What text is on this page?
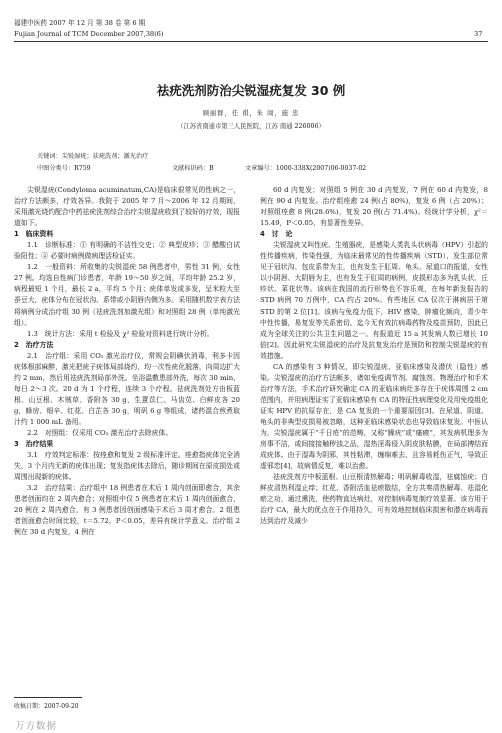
福建中医药 2007 年 12 月 第 38 卷 第 6 期
Fujian Journal of TCM December 2007,38(6)	37
祛疣洗剂防治尖锐湿疣复发 30 例
顾丽群，任 祺，朱 闯，施 忠
（江苏省南通市第三人民医院，江苏 南通 226006）
关键词：尖锐湿疣；祛疣洗剂；激光治疗
中图分类号：R759	文献标识码：B	文章编号：1000-338X(2007)06-0037-02

尖锐湿疣(Condyloma acuminatum,CA)是临床很常见的性病之一，治疗方法颇多，疗效各异。我院于 2005 年 7 月～2006 年 12 月期间，采用激光烧灼配合中药祛疣洗剂综合治疗尖锐湿疣收到了较好的疗效，现报道如下。

1　临床资料

1.1　诊断标准：① 有明确的不洁性交史；② 典型皮疹；③ 醋酸白试验阳性；④ 必要时病例做病理活检证实。

1.2　一般资料：所收集的尖锐湿疣 58 例患者中，男性 31 例，女性 27 例。均选自性病门诊患者，年龄 19～50 岁之间，平均年龄 25.2 岁，病程最短 1 个月，最长 2 a，平均 5 个月；疣体单发或多发，呈米粒大至蚕豆大，疣体分布在冠状沟、系带或小阴唇内侧为多。采用随机数字表方法将病例分成治疗组 30 例（祛疣洗剂加激光组）和对照组 28 例（单纯激光组）。

1.3　统计方法：采用 t 检验及 χ² 检验对资料进行统计分析。

2　治疗方法

2.1　治疗组：采用 CO₂ 激光治疗仪，常规会阴碘伏消毒，利多卡因疣体根部麻醉，激光把疣子疣体局部烧灼，均一次性疣化脱落，向周边扩大约 2 mm，然后用祛疣洗剂局部外洗。坐浴温敷患部外洗，每次 30 min，每日 2～3 次。20 d 为 1 个疗程，连续 3 个疗程。祛疣洗剂处方由板蓝根、山豆根、木贼草、香附各 30 g，生薏苡仁、马齿苋、白鲜皮各 20 g，蜂房、细辛、红花、白芷各 30 g，明矾 6 g 等组成，诸药混合煎煮取汁约 1 000 mL 备用。

2.2　对照组：仅采用 CO₂ 激光治疗去除疣体。

3　治疗结果

3.1　疗效判定标准：按痊愈和复发 2 级标准评定。痊愈指疣体完全消失，3 个月内无新的疣体出现；复发指疣体去除后，随诊期间在原皮损处或周围出现新的疣体。

3.2　治疗结果：治疗组中 18 例患者在术后 1 周内创面即愈合，其余患者创面均在 2 周内愈合；对照组中仅 5 例患者在术后 1 周内创面愈合，20 例在 2 周内愈合，有 3 例患者因创面感染于术后 3 周才愈合。2 组患者创面愈合时间比较，t＝5.72，P＜0.05，差异有统计学意义。治疗组 2 例在 30 d 内复发，4 例在

收稿日期：2007-09-20

60 d 内复发；对照组 5 例在 30 d 内复发，7 例在 60 d 内复发，8 例在 90 d 内复发。治疗组痊愈 24 例(占 80%)，复发 6 例（占 20%）；对照组痊愈 8 例(28.6%)，复发 20 例(占 71.4%)。经统计学分析，χ²＝15.49，P＜0.05，有显著性差异。

4　讨　论

尖锐湿疣又叫性疣、生殖器疣，是感染人类乳头状病毒（HPV）引起的性传播疾病，传染性强，为临床最常见的性传播疾病（STD），发生部位常见于冠状沟、包皮系带为主，也有发生于肛周、龟头、尿道口的报道，女性以小阴唇、大阴唇为主，也有发生于肛周的病例，皮损形态多为乳头状、丘疹状、菜花状等。该病在我国的流行形势也不容乐观，在每年新发报告的 STD 病例 70 万例中，CA 约占 20%。有些地区 CA 仅次于淋病居于第 STD 的第 2 位[1]。该病与免疫力低下，HIV 感染，肿瘤化频向，青少年中性传播，易复发等关系密切，迄今无有效抗病毒药物及疫苗预防，因此已成为全球关注的公共卫生问题之一。有报道近 15 a 其发病人数已增长 10 倍[2]。因此研究尖锐湿疣的治疗及抗复发治疗是预防和控制尖锐湿疣的有效措施。

CA 的感染有 3 种情况，即尖锐湿疣、亚临床感染及潜伏（隐性）感染。尖锐湿疣的治疗方法颇多，诸如免疫调节剂、腐蚀剂、物理治疗和手术治疗等方法，手术治疗研究确定 CA 的亚临床病灶多存在于疣体周围 2 cm 范围内，并用病理证实了亚临床感染有 CA 的特征性病理变化及用免疫组化证实 HPV 的抗原存在，是 CA 复发的一个重要原因[3]。在尿道、阴道、龟头的非典型皮损易被忽略，这种亚临床感染状态也导致临床复发。中医认为，尖锐湿疣属于“千日疮”的范畴，又称“臊疣”或“瘙瘊”，其发病机理多为房事不洁，或间接接触秽浊之品，湿热淫毒侵入阴皮肤粘膜，在局部搏结而成疣体。由于湿毒为阴邪，其性粘滞，缠绵难去，且容易耗伤正气，导致正虚邪恋[4]，故病情反复，难以治愈。

祛疣洗剂方中板蓝根、山豆根清热解毒；明矾解毒收湿，祛腐蚀疣；白鲜皮清热利湿止痒；红花、香附活血祛瘀散结，全方共奏清热解毒、祛湿化瘀之功，通过熏洗，使药物直达病灶，对控制病毒复制疗效显著。该方用于治疗 CA，最大的优点在于作用持久，可有效地控制临床损害和潜在病毒而达到治疗及减少

万方数据
